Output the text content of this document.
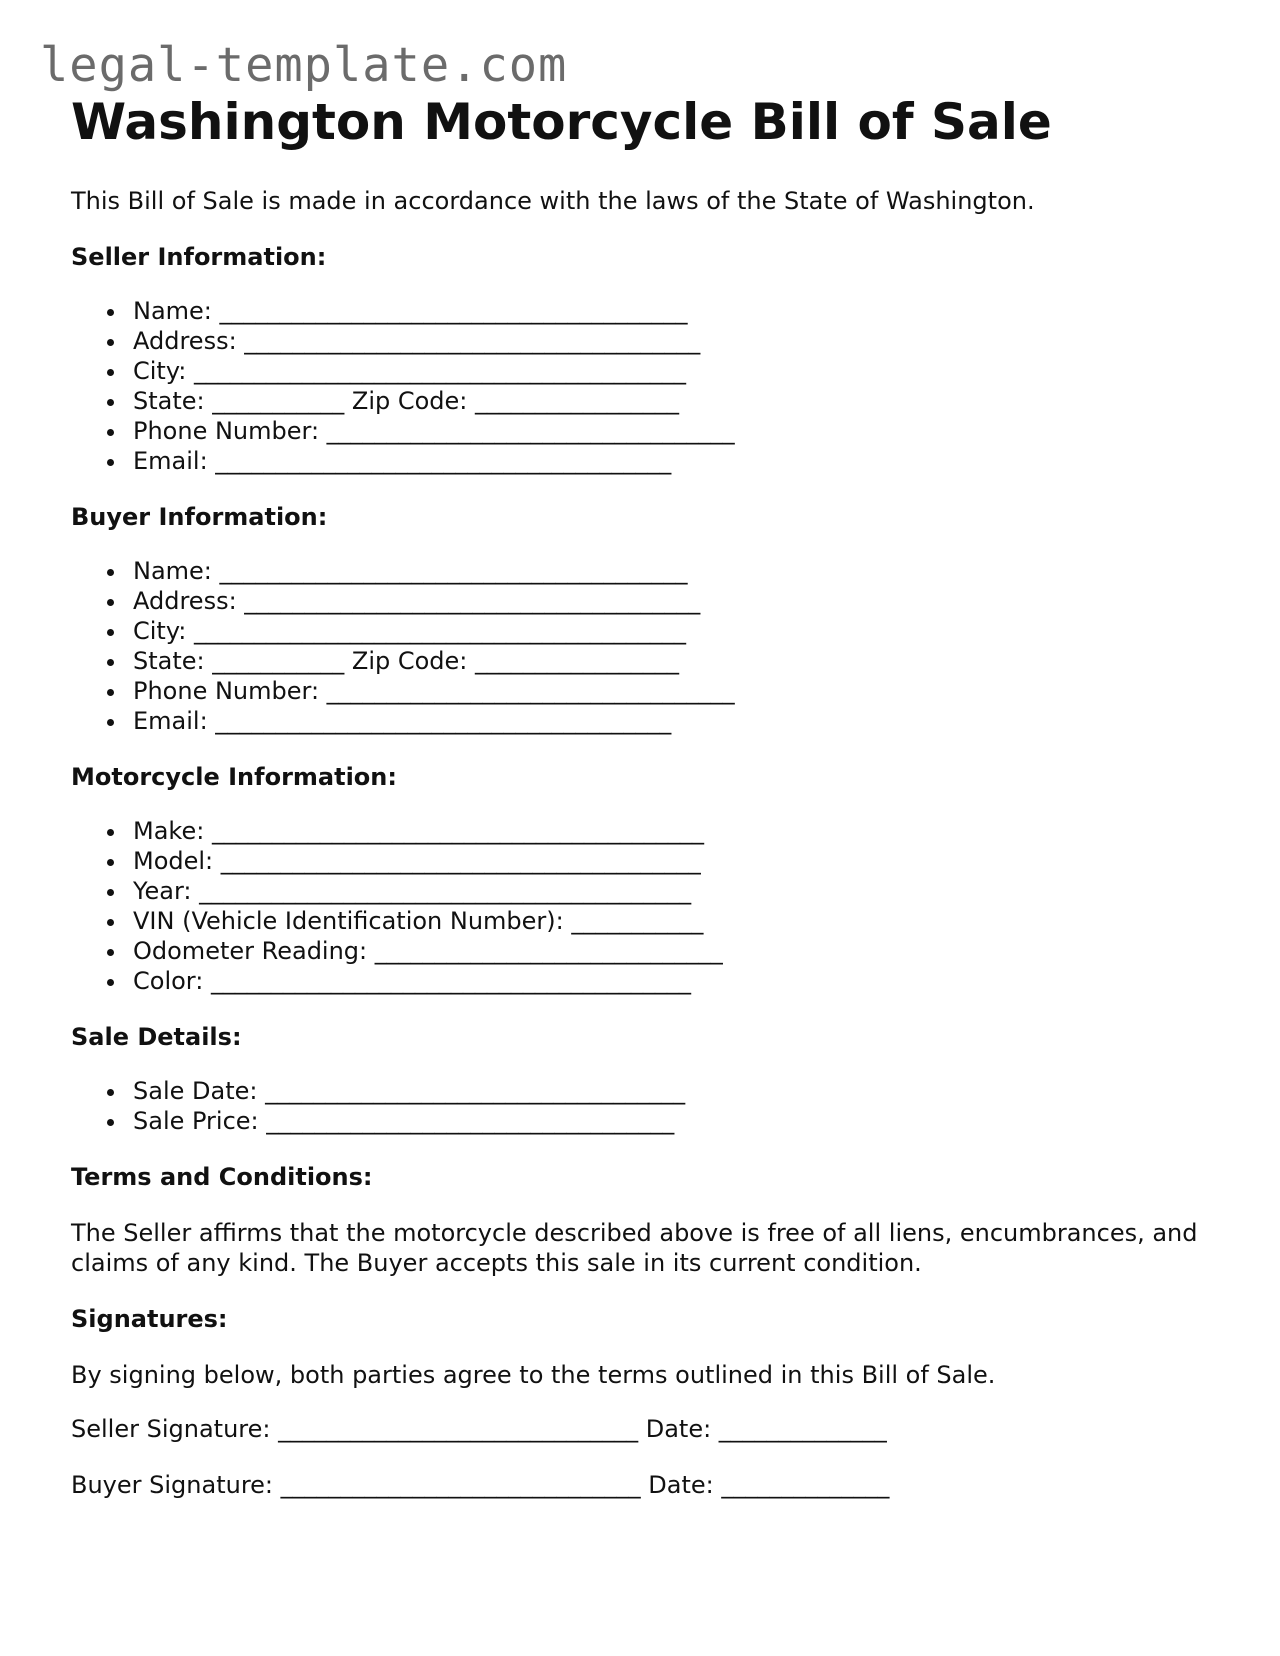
legal-template.com
Washington Motorcycle Bill of Sale

This Bill of Sale is made in accordance with the laws of the State of Washington.

Seller Information:
Name: _______________________________________
Address: ______________________________________
City: _________________________________________
State: ___________ Zip Code: _________________
Phone Number: __________________________________
Email: ______________________________________
Buyer Information:
Name: _______________________________________
Address: ______________________________________
City: _________________________________________
State: ___________ Zip Code: _________________
Phone Number: __________________________________
Email: ______________________________________
Motorcycle Information:
Make: _________________________________________
Model: ________________________________________
Year: _________________________________________
VIN (Vehicle Identification Number): ___________
Odometer Reading: _____________________________
Color: ________________________________________
Sale Details:
Sale Date: ___________________________________
Sale Price: __________________________________
Terms and Conditions:

The Seller affirms that the motorcycle described above is free of all liens, encumbrances, and claims of any kind. The Buyer accepts this sale in its current condition.

Signatures:

By signing below, both parties agree to the terms outlined in this Bill of Sale.

Seller Signature: ______________________________ Date: ______________

Buyer Signature: ______________________________ Date: ______________
